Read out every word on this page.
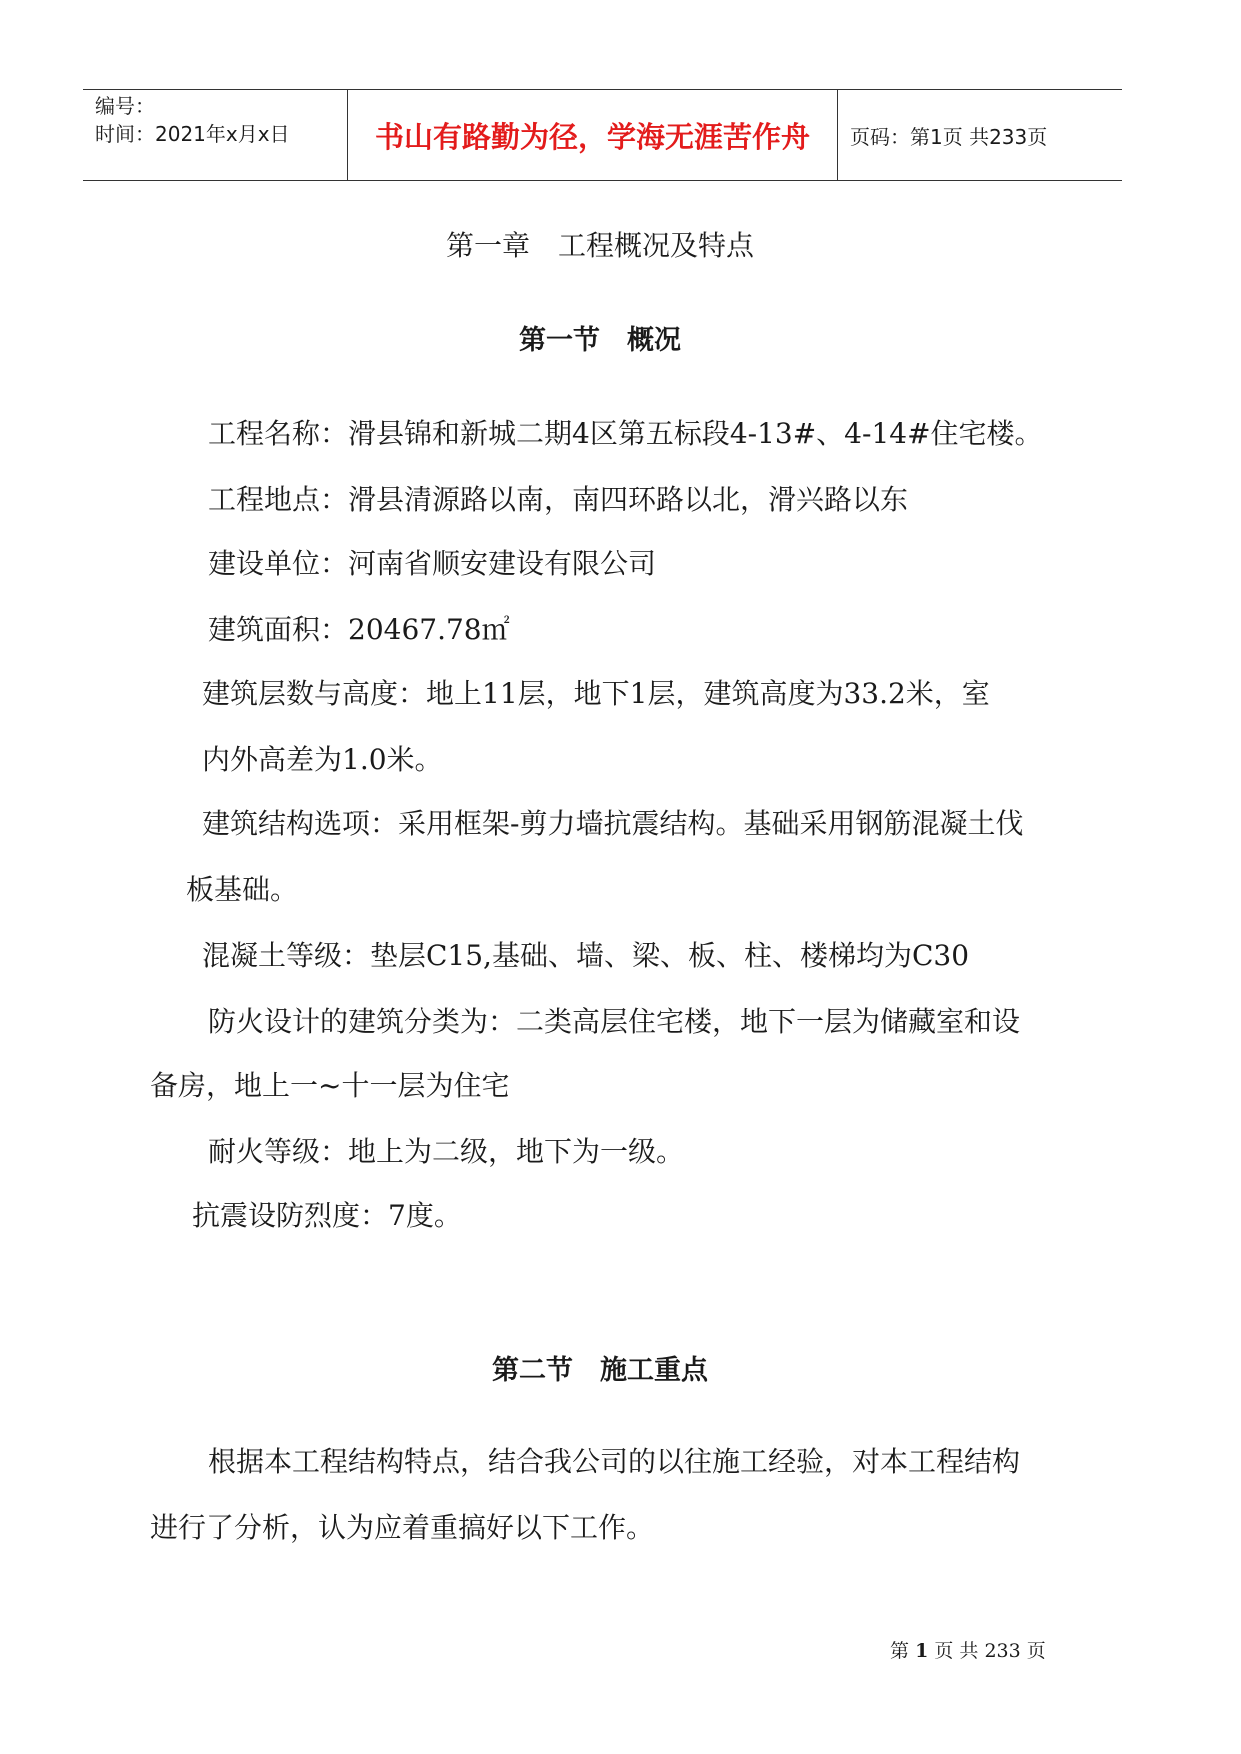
编号：
时间：2021年x月x日	书山有路勤为径，学海无涯苦作舟	页码：第1页 共233页
第一章　工程概况及特点
第一节　概况
工程名称：滑县锦和新城二期4区第五标段4-13#、4-14#住宅楼。
工程地点：滑县清源路以南，南四环路以北，滑兴路以东
建设单位：河南省顺安建设有限公司
建筑面积：20467.78㎡
建筑层数与高度：地上11层，地下1层，建筑高度为33.2米，室
内外高差为1.0米。
建筑结构选项：采用框架-剪力墙抗震结构。基础采用钢筋混凝土伐
板基础。
混凝土等级：垫层C15,基础、墙、梁、板、柱、楼梯均为C30
防火设计的建筑分类为：二类高层住宅楼，地下一层为储藏室和设
备房，地上一~十一层为住宅
耐火等级：地上为二级，地下为一级。
抗震设防烈度：7度。
第二节　施工重点
根据本工程结构特点，结合我公司的以往施工经验，对本工程结构
进行了分析，认为应着重搞好以下工作。
第 1 页 共 233 页
